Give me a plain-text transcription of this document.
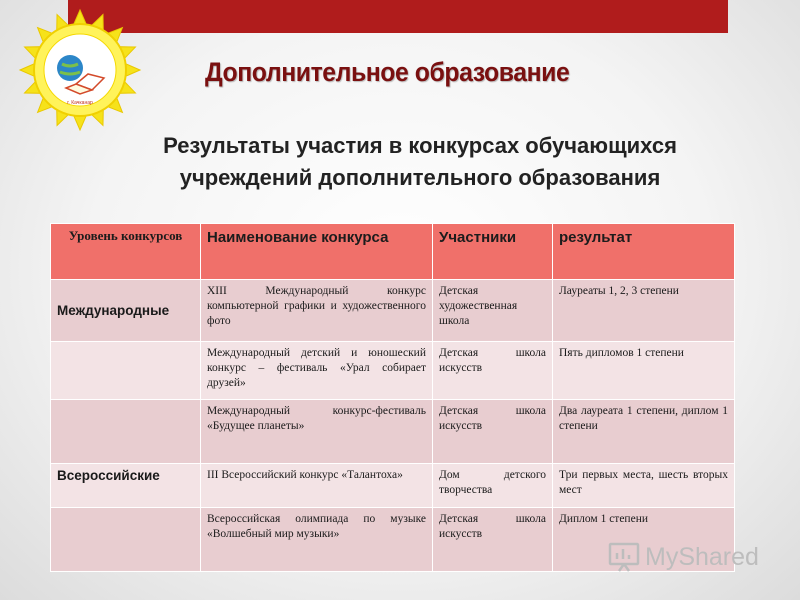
г. Качканар
Дополнительное образование
Результаты участия в конкурсах обучающихся
учреждений дополнительного образования
Уровень конкурсов	Наименование конкурса	Участники	результат
Международные	XIII Международный конкурс компьютерной графики и художественного фото	Детская художественная школа	Лауреаты 1, 2, 3 степени
	Международный детский и юношеский конкурс – фестиваль «Урал собирает друзей»	Детская школа искусств	Пять дипломов 1 степени
	Международный конкурс-фестиваль «Будущее планеты»	Детская школа искусств	Два лауреата 1 степени, диплом 1 степени
Всероссийские	III Всероссийский конкурс «Талантоха»	Дом детского творчества	Три первых места, шесть вторых мест
	Всероссийская олимпиада по музыке «Волшебный мир музыки»	Детская школа искусств	Диплом 1 степени
MyShared
